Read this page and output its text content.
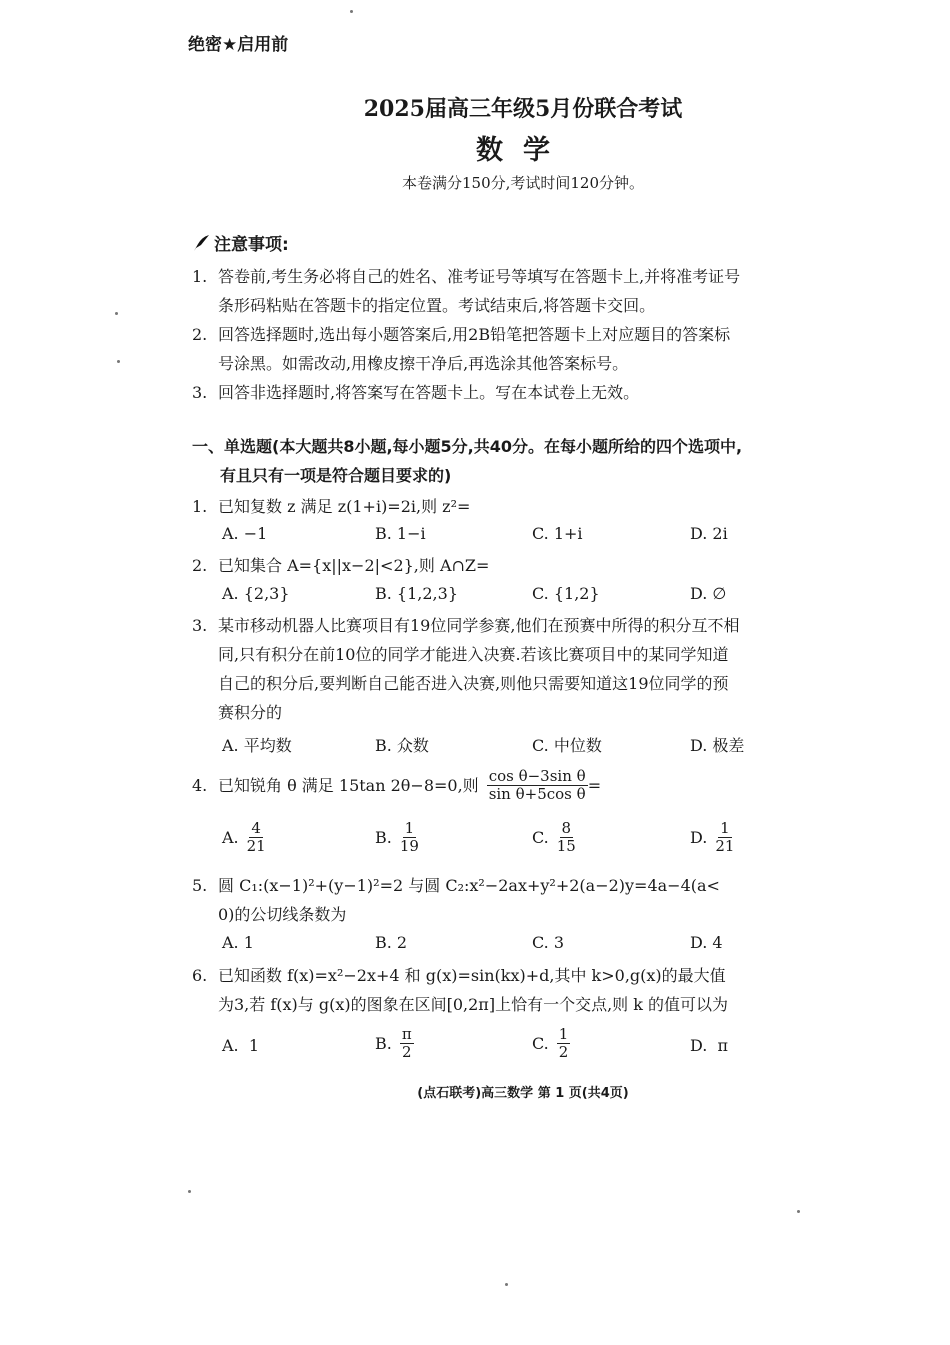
绝密★启用前
2025届高三年级5月份联合考试
数学
本卷满分150分,考试时间120分钟。
注意事项:
1. 答卷前,考生务必将自己的姓名、准考证号等填写在答题卡上,并将准考证号
条形码粘贴在答题卡的指定位置。考试结束后,将答题卡交回。
2. 回答选择题时,选出每小题答案后,用2B铅笔把答题卡上对应题目的答案标
号涂黑。如需改动,用橡皮擦干净后,再选涂其他答案标号。
3. 回答非选择题时,将答案写在答题卡上。写在本试卷上无效。
一、单选题(本大题共8小题,每小题5分,共40分。在每小题所给的四个选项中,
有且只有一项是符合题目要求的)
1. 已知复数 z 满足 z(1+i)=2i,则 z²=
A. −1	B. 1−i	C. 1+i	D. 2i
2. 已知集合 A={x||x−2|<2},则 A∩Z=
A. {2,3}	B. {1,2,3}	C. {1,2}	D. ∅
3. 某市移动机器人比赛项目有19位同学参赛,他们在预赛中所得的积分互不相
同,只有积分在前10位的同学才能进入决赛.若该比赛项目中的某同学知道
自己的积分后,要判断自己能否进入决赛,则他只需要知道这19位同学的预
赛积分的
A. 平均数	B. 众数	C. 中位数	D. 极差
4. 已知锐角 θ 满足 15tan 2θ−8=0,则 $\frac{\text{cos θ−3sin θ}}{\text{sin θ+5cos θ}}$ =
A. $\frac{4}{21}$	B. $\frac{1}{19}$	C. $\frac{8}{15}$	D. $\frac{1}{21}$
5. 圆 C₁:(x−1)²+(y−1)²=2 与圆 C₂:x²−2ax+y²+2(a−2)y=4a−4(a<
0)的公切线条数为
A. 1	B. 2	C. 3	D. 4
6. 已知函数 f(x)=x²−2x+4 和 g(x)=sin(kx)+d,其中 k>0,g(x)的最大值
为3,若 f(x)与 g(x)的图象在区间[0,2π]上恰有一个交点,则 k 的值可以为
A. 1	B. $\frac{\pi}{2}$	C. $\frac{1}{2}$	D. π
(点石联考)高三数学 第 1 页(共4页)
